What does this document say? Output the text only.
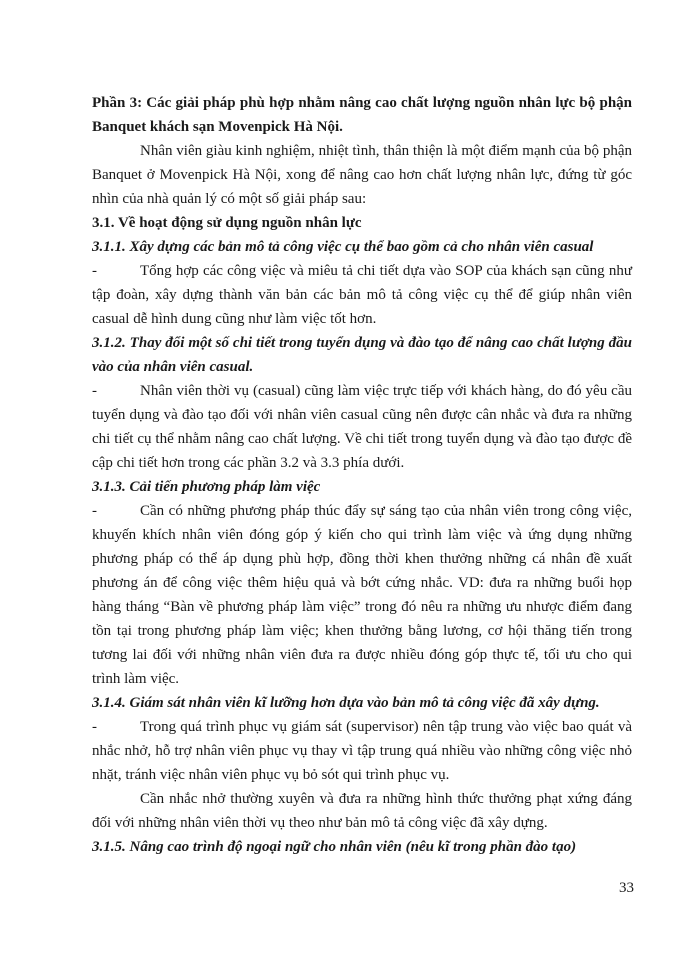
Phần 3: Các giải pháp phù hợp nhằm nâng cao chất lượng nguồn nhân lực bộ phận Banquet khách sạn Movenpick Hà Nội.

Nhân viên giàu kinh nghiệm, nhiệt tình, thân thiện là một điểm mạnh của bộ phận Banquet ở Movenpick Hà Nội, xong để nâng cao hơn chất lượng nhân lực, đứng từ góc nhìn của nhà quản lý có một số giải pháp sau:

3.1. Về hoạt động sử dụng nguồn nhân lực

3.1.1. Xây dựng các bản mô tả công việc cụ thể bao gồm cả cho nhân viên casual

-	Tổng hợp các công việc và miêu tả chi tiết dựa vào SOP của khách sạn cũng như tập đoàn, xây dựng thành văn bản các bản mô tả công việc cụ thể để giúp nhân viên casual dễ hình dung cũng như làm việc tốt hơn.

3.1.2. Thay đổi một số chi tiết trong tuyển dụng và đào tạo để nâng cao chất lượng đầu vào của nhân viên casual.

-	Nhân viên thời vụ (casual) cũng làm việc trực tiếp với khách hàng, do đó yêu cầu tuyển dụng và đào tạo đối với nhân viên casual cũng nên được cân nhắc và đưa ra những chi tiết cụ thể nhằm nâng cao chất lượng. Về chi tiết trong tuyển dụng và đào tạo được đề cập chi tiết hơn trong các phần 3.2 và 3.3 phía dưới.

3.1.3. Cải tiến phương pháp làm việc

-	Cần có những phương pháp thúc đẩy sự sáng tạo của nhân viên trong công việc, khuyến khích nhân viên đóng góp ý kiến cho qui trình làm việc và ứng dụng những phương pháp có thể áp dụng phù hợp, đồng thời khen thưởng những cá nhân đề xuất phương án để công việc thêm hiệu quả và bớt cứng nhắc. VD: đưa ra những buổi họp hàng tháng “Bàn về phương pháp làm việc” trong đó nêu ra những ưu nhược điểm đang tồn tại trong phương pháp làm việc; khen thưởng bằng lương, cơ hội thăng tiến trong tương lai đối với những nhân viên đưa ra được nhiều đóng góp thực tế, tối ưu cho qui trình làm việc.

3.1.4. Giám sát nhân viên kĩ lưỡng hơn dựa vào bản mô tả công việc đã xây dựng.

-	Trong quá trình phục vụ giám sát (supervisor) nên tập trung vào việc bao quát và nhắc nhở, hỗ trợ nhân viên phục vụ thay vì tập trung quá nhiều vào những công việc nhỏ nhặt, tránh việc nhân viên phục vụ bỏ sót qui trình phục vụ.

Cần nhắc nhở thường xuyên và đưa ra những hình thức thưởng phạt xứng đáng đối với những nhân viên thời vụ theo như bản mô tả công việc đã xây dựng.

3.1.5. Nâng cao trình độ ngoại ngữ cho nhân viên (nêu kĩ trong phần đào tạo)

33
